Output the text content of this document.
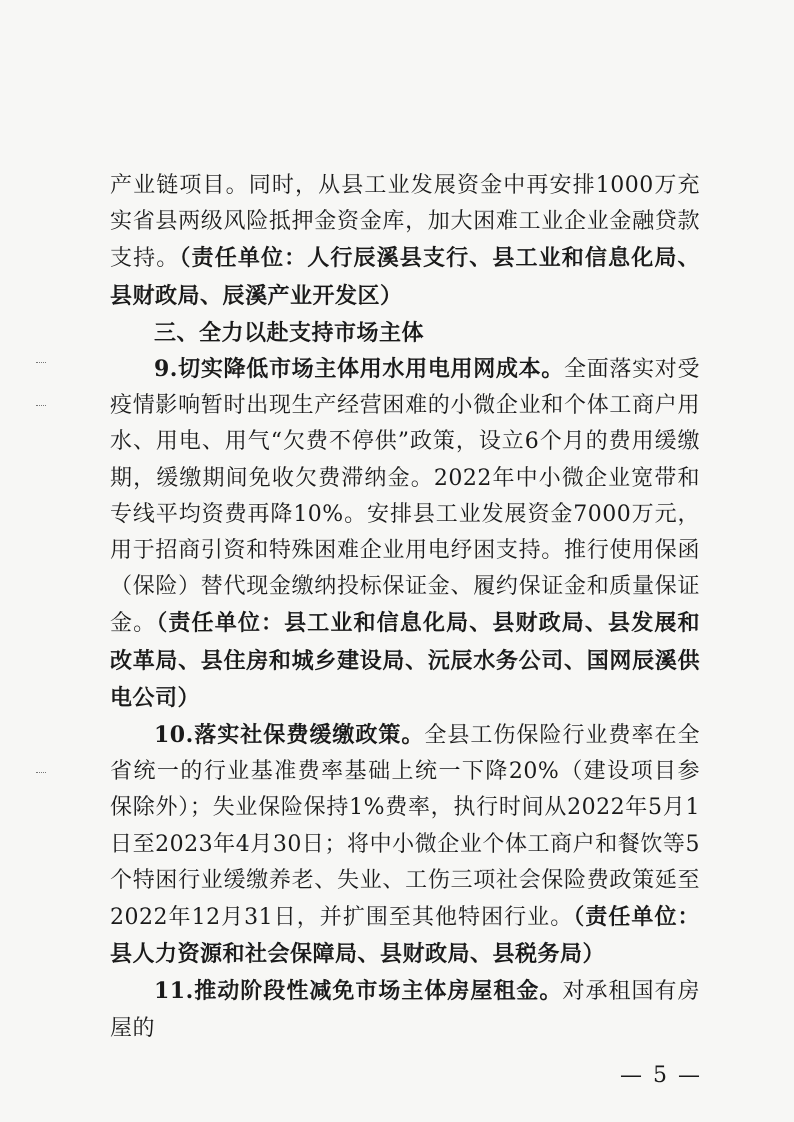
产业链项目。同时，从县工业发展资金中再安排1000万充实省县两级风险抵押金资金库，加大困难工业企业金融贷款支持。（责任单位：人行辰溪县支行、县工业和信息化局、县财政局、辰溪产业开发区）

三、全力以赴支持市场主体

9.切实降低市场主体用水用电用网成本。全面落实对受疫情影响暂时出现生产经营困难的小微企业和个体工商户用水、用电、用气“欠费不停供”政策，设立6个月的费用缓缴期，缓缴期间免收欠费滞纳金。2022年中小微企业宽带和专线平均资费再降10%。安排县工业发展资金7000万元，用于招商引资和特殊困难企业用电纾困支持。推行使用保函（保险）替代现金缴纳投标保证金、履约保证金和质量保证金。（责任单位：县工业和信息化局、县财政局、县发展和改革局、县住房和城乡建设局、沅辰水务公司、国网辰溪供电公司）

10.落实社保费缓缴政策。全县工伤保险行业费率在全省统一的行业基准费率基础上统一下降20%（建设项目参保除外）；失业保险保持1%费率，执行时间从2022年5月1日至2023年4月30日；将中小微企业个体工商户和餐饮等5个特困行业缓缴养老、失业、工伤三项社会保险费政策延至2022年12月31日，并扩围至其他特困行业。（责任单位：县人力资源和社会保障局、县财政局、县税务局）

11.推动阶段性减免市场主体房屋租金。对承租国有房屋的

— 5 —
